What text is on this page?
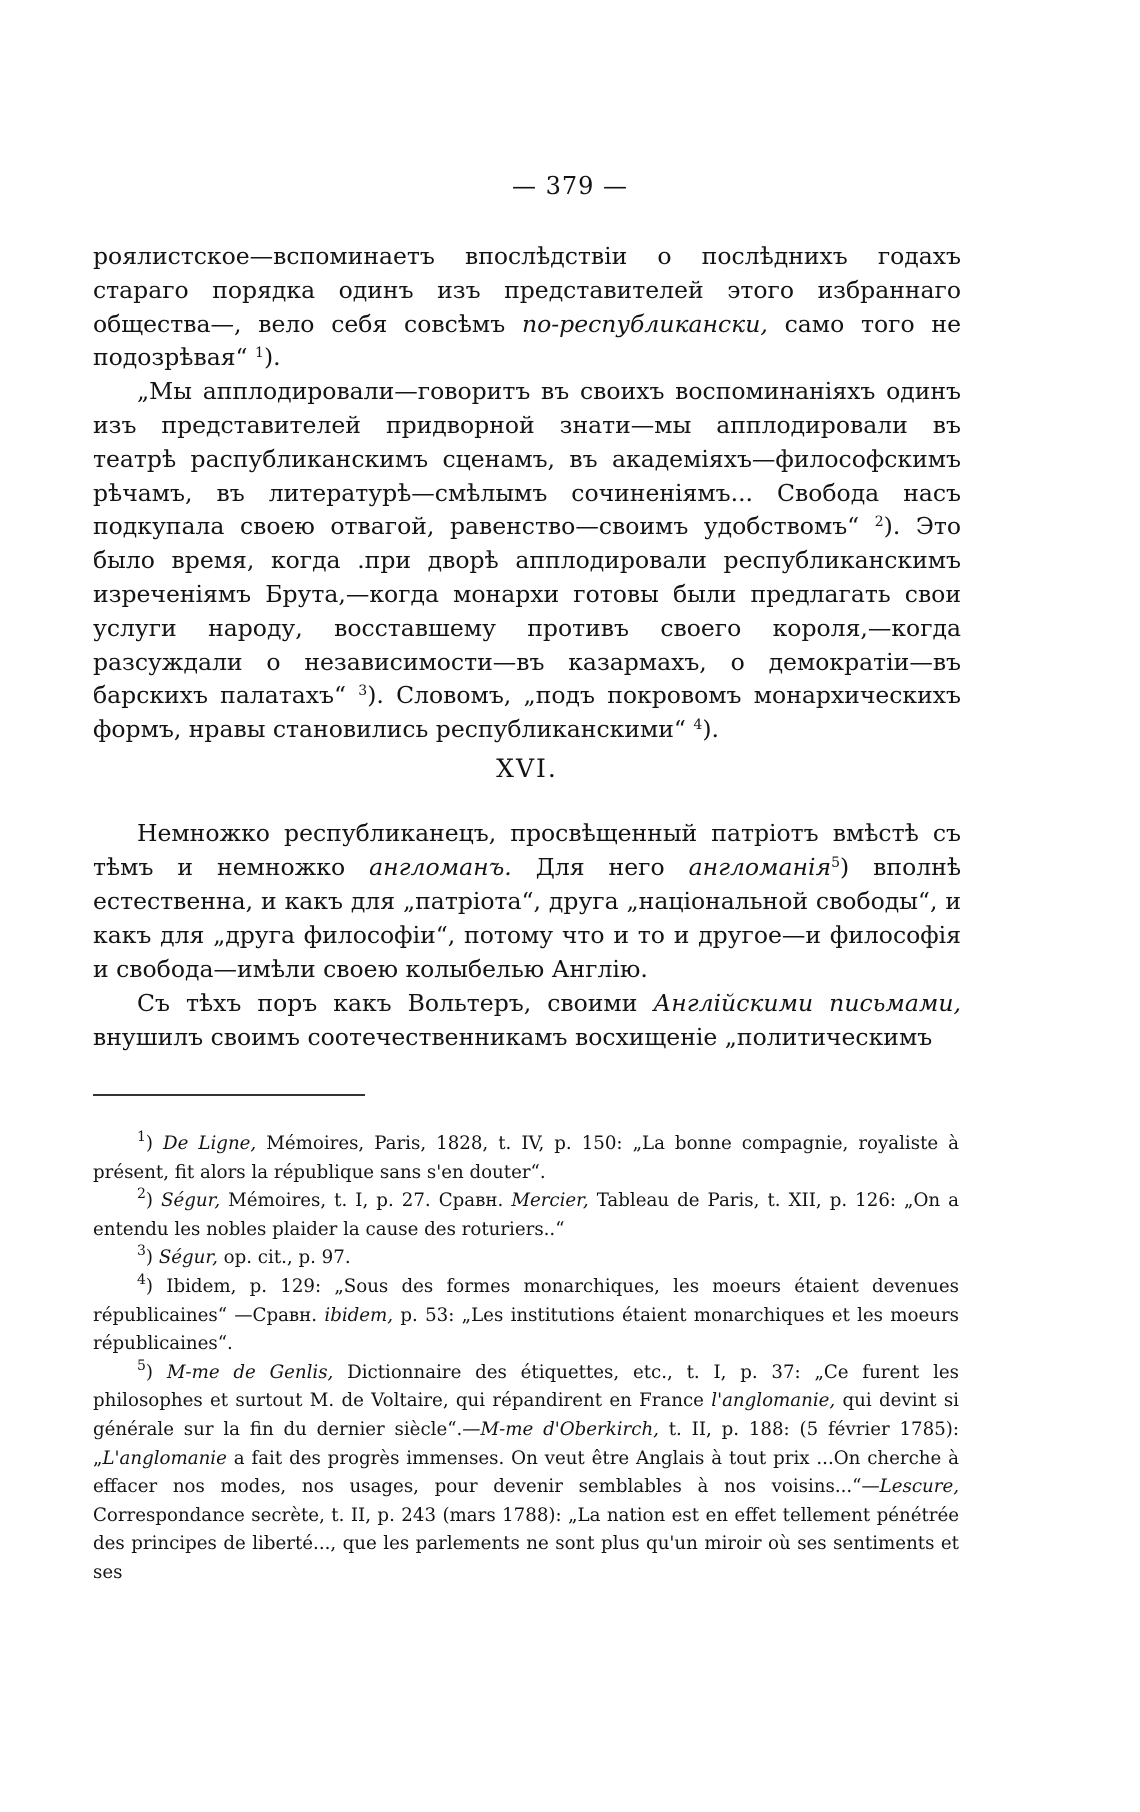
— 379 —

роялистское—вспоминаетъ впослѣдствіи о послѣднихъ годахъ стараго порядка одинъ изъ представителей этого избраннаго общества—, вело себя совсѣмъ по-республикански, само того не подозрѣвая“ $^1$).

„Мы апплодировали—говоритъ въ своихъ воспоминаніяхъ одинъ изъ представителей придворной знати—мы апплодировали въ театрѣ распубликанскимъ сценамъ, въ академіяхъ—философскимъ рѣчамъ, въ литературѣ—смѣлымъ сочиненіямъ... Свобода насъ подкупала своею отвагой, равенство—своимъ удобствомъ“ $^2$). Это было время, когда .при дворѣ апплодировали республиканскимъ изреченіямъ Брута,—когда монархи готовы были предлагать свои услуги народу, восставшему противъ своего короля,—когда разсуждали о независимости—въ казармахъ, о демократіи—въ барскихъ палатахъ“ $^3$). Словомъ, „подъ покровомъ монархическихъ формъ, нравы становились республиканскими“ $^4$).

XVI.

Немножко республиканецъ, просвѣщенный патріотъ вмѣстѣ съ тѣмъ и немножко англоманъ. Для него англоманія$^5$) вполнѣ естественна, и какъ для „патріота“, друга „національной свободы“, и какъ для „друга философіи“, потому что и то и другое—и философія и свобода—имѣли своею колыбелью Англію.

Съ тѣхъ поръ какъ Вольтеръ, своими Англійскими письмами, внушилъ своимъ соотечественникамъ восхищеніе „политическимъ

$^1$) De Ligne, Mémoires, Paris, 1828, t. IV, p. 150: „La bonne compagnie, royaliste à présent, fit alors la république sans s'en douter“.

$^2$) Ségur, Mémoires, t. I, p. 27. Сравн. Mercier, Tableau de Paris, t. XII, p. 126: „On a entendu les nobles plaider la cause des roturiers..“

$^3$) Ségur, op. cit., p. 97.

$^4$) Ibidem, p. 129: „Sous des formes monarchiques, les moeurs étaient devenues républicaines“ —Сравн. ibidem, p. 53: „Les institutions étaient monarchiques et les moeurs républicaines“.

$^5$) M-me de Genlis, Dictionnaire des étiquettes, etc., t. I, p. 37: „Ce furent les philosophes et surtout M. de Voltaire, qui répandirent en France l'anglomanie, qui devint si générale sur la fin du dernier siècle“.—M-me d'Oberkirch, t. II, p. 188: (5 février 1785): „L'anglomanie a fait des progrès immenses. On veut être Anglais à tout prix ...On cherche à effacer nos modes, nos usages, pour devenir semblables à nos voisins...“—Lescure, Correspondance secrète, t. II, p. 243 (mars 1788): „La nation est en effet tellement pénétrée des principes de liberté..., que les parlements ne sont plus qu'un miroir où ses sentiments et ses
